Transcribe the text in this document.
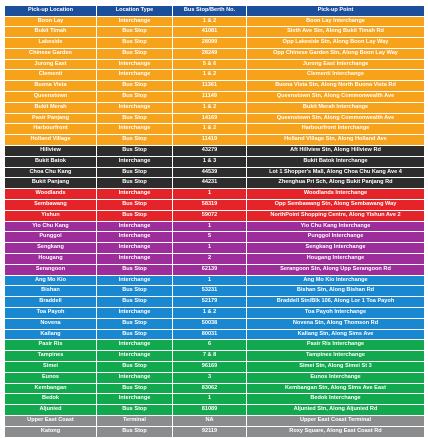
Pick-up Location	Location Type	Bus Stop/Berth No.	Pick-up Point
Boon Lay	Interchange	1 & 2	Boon Lay Interchange
Bukit Timah	Bus Stop	41081	Sixth Ave Stn, Along Bukit Timah Rd
Lakeside	Bus Stop	28099	Opp Lakeside Stn, Along Boon Lay Way
Chinese Garden	Bus Stop	28249	Opp Chinese Garden Stn, Along Boon Lay Way
Jurong East	Interchange	5 & 6	Jurong East Interchange
Clementi	Interchange	1 & 2	Clementi Interchange
Buona Vista	Bus Stop	11361	Buona Vista Stn, Along North Buona Vista Rd
Queenstown	Bus Stop	11149	Queenstown Stn, Along Commonwealth Ave
Bukit Merah	Interchange	1 & 2	Bukit Merah Interchange
Pasir Panjang	Bus Stop	14169	Queenstown Stn, Along Commonwealth Ave
Harbourfront	Interchange	1 & 2	Harbourfront Interchange
Holland Village	Bus Stop	11419	Holland Village Stn, Along Holland Ave
Hillview	Bus Stop	43279	Aft Hillview Stn, Along Hillview Rd
Bukit Batok	Interchange	1 & 3	Bukit Batok Interchange
Choa Chu Kang	Bus Stop	44539	Lot 1 Shopper's Mall, Along Choa Chu Kang Ave 4
Bukit Panjang	Bus Stop	44231	Zhenghua Pri Sch, Along Bukit Panjang Rd
Woodlands	Interchange	1	Woodlands Interchange
Sembawang	Bus Stop	58319	Opp Sembawang Stn, Along Sembawang Way
Yishun	Bus Stop	59072	NorthPoint Shopping Centre, Along Yishun Ave 2
Yio Chu Kang	Interchange	1	Yio Chu Kang Interchange
Punggol	Interchange	5	Punggol Interchange
Sengkang	Interchange	1	Sengkang Interchange
Hougang	Interchange	2	Hougang Interchange
Serangoon	Bus Stop	62139	Serangoon Stn, Along Upp Serangoon Rd
Ang Mo Kio	Interchange	1	Ang Mo Kio Interchange
Bishan	Bus Stop	53231	Bishan Stn, Along Bishan Rd
Braddell	Bus Stop	52179	Braddell Stn/Blk 106, Along Lor 1 Toa Payoh
Toa Payoh	Interchange	1 & 2	Toa Payoh Interchange
Novena	Bus Stop	50038	Novena Stn, Along Thomson Rd
Kallang	Bus Stop	80031	Kallang Stn, Along Sims Ave
Pasir Ris	Interchange	6	Pasir Ris Interchange
Tampines	Interchange	7 & 8	Tampines Interchange
Simei	Bus Stop	96169	Simei Stn, Along Simei St 3
Eunos	Interchange	3	Eunos Interchange
Kembangan	Bus Stop	83062	Kembangan Stn, Along Sims Ave East
Bedok	Interchange	1	Bedok Interchange
Aljunied	Bus Stop	81089	Aljunied Stn, Along Aljunied Rd
Upper East Coast	Terminal	NA	Upper East Coast Terminal
Katong	Bus Stop	92119	Roxy Square, Along East Coast Rd
